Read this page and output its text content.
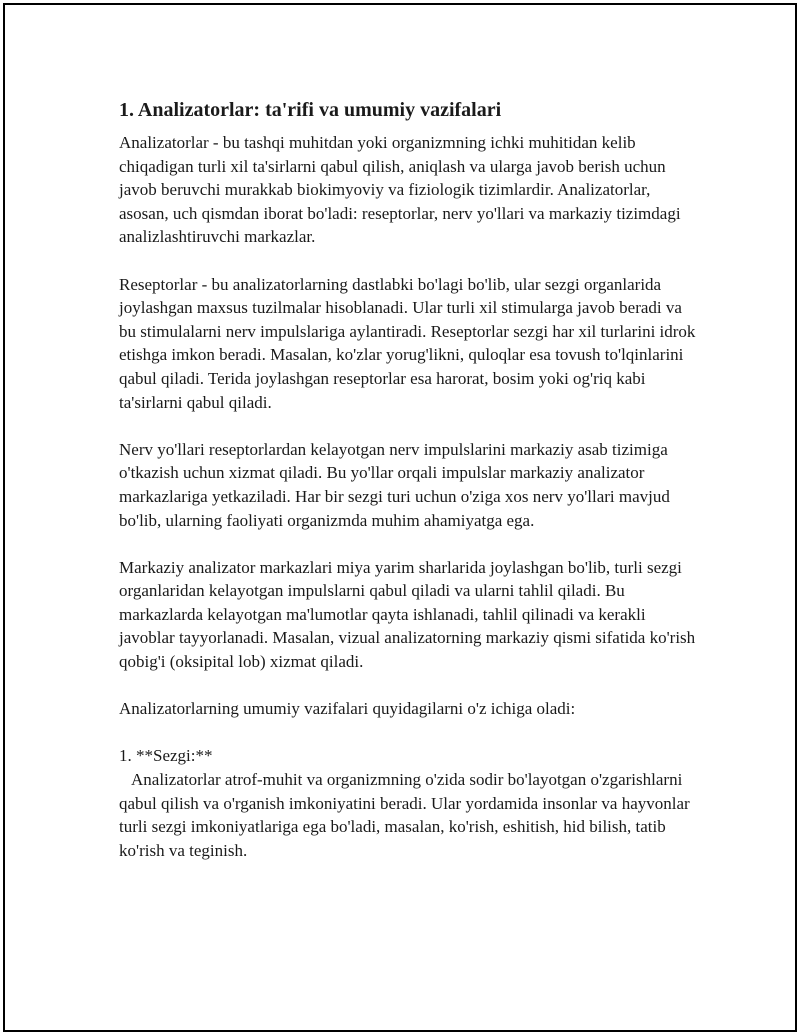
1. Analizatorlar: ta'rifi va umumiy vazifalari

Analizatorlar - bu tashqi muhitdan yoki organizmning ichki muhitidan kelib chiqadigan turli xil ta'sirlarni qabul qilish, aniqlash va ularga javob berish uchun javob beruvchi murakkab biokimyoviy va fiziologik tizimlardir. Analizatorlar, asosan, uch qismdan iborat bo'ladi: reseptorlar, nerv yo'llari va markaziy tizimdagi analizlashtiruvchi markazlar.

Reseptorlar - bu analizatorlarning dastlabki bo'lagi bo'lib, ular sezgi organlarida joylashgan maxsus tuzilmalar hisoblanadi. Ular turli xil stimularga javob beradi va bu stimulalarni nerv impulslariga aylantiradi. Reseptorlar sezgi har xil turlarini idrok etishga imkon beradi. Masalan, ko'zlar yorug'likni, quloqlar esa tovush to'lqinlarini qabul qiladi. Terida joylashgan reseptorlar esa harorat, bosim yoki og'riq kabi ta'sirlarni qabul qiladi.

Nerv yo'llari reseptorlardan kelayotgan nerv impulslarini markaziy asab tizimiga o'tkazish uchun xizmat qiladi. Bu yo'llar orqali impulslar markaziy analizator markazlariga yetkaziladi. Har bir sezgi turi uchun o'ziga xos nerv yo'llari mavjud bo'lib, ularning faoliyati organizmda muhim ahamiyatga ega.

Markaziy analizator markazlari miya yarim sharlarida joylashgan bo'lib, turli sezgi organlaridan kelayotgan impulslarni qabul qiladi va ularni tahlil qiladi. Bu markazlarda kelayotgan ma'lumotlar qayta ishlanadi, tahlil qilinadi va kerakli javoblar tayyorlanadi. Masalan, vizual analizatorning markaziy qismi sifatida ko'rish qobig'i (oksipital lob) xizmat qiladi.

Analizatorlarning umumiy vazifalari quyidagilarni o'z ichiga oladi:

1. **Sezgi:**

Analizatorlar atrof-muhit va organizmning o'zida sodir bo'layotgan o'zgarishlarni qabul qilish va o'rganish imkoniyatini beradi. Ular yordamida insonlar va hayvonlar turli sezgi imkoniyatlariga ega bo'ladi, masalan, ko'rish, eshitish, hid bilish, tatib ko'rish va teginish.
